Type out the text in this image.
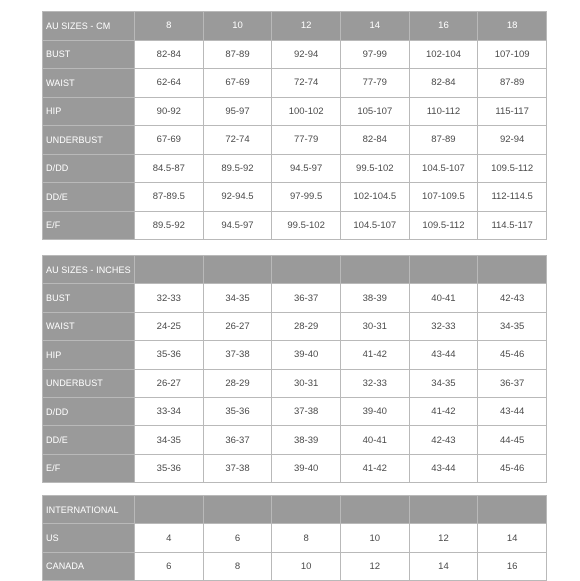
AU SIZES - CM	8	10	12	14	16	18
BUST	82-84	87-89	92-94	97-99	102-104	107-109
WAIST	62-64	67-69	72-74	77-79	82-84	87-89
HIP	90-92	95-97	100-102	105-107	110-112	115-117
UNDERBUST	67-69	72-74	77-79	82-84	87-89	92-94
D/DD	84.5-87	89.5-92	94.5-97	99.5-102	104.5-107	109.5-112
DD/E	87-89.5	92-94.5	97-99.5	102-104.5	107-109.5	112-114.5
E/F	89.5-92	94.5-97	99.5-102	104.5-107	109.5-112	114.5-117
AU SIZES - INCHES						
BUST	32-33	34-35	36-37	38-39	40-41	42-43
WAIST	24-25	26-27	28-29	30-31	32-33	34-35
HIP	35-36	37-38	39-40	41-42	43-44	45-46
UNDERBUST	26-27	28-29	30-31	32-33	34-35	36-37
D/DD	33-34	35-36	37-38	39-40	41-42	43-44
DD/E	34-35	36-37	38-39	40-41	42-43	44-45
E/F	35-36	37-38	39-40	41-42	43-44	45-46
INTERNATIONAL						
US	4	6	8	10	12	14
CANADA	6	8	10	12	14	16
